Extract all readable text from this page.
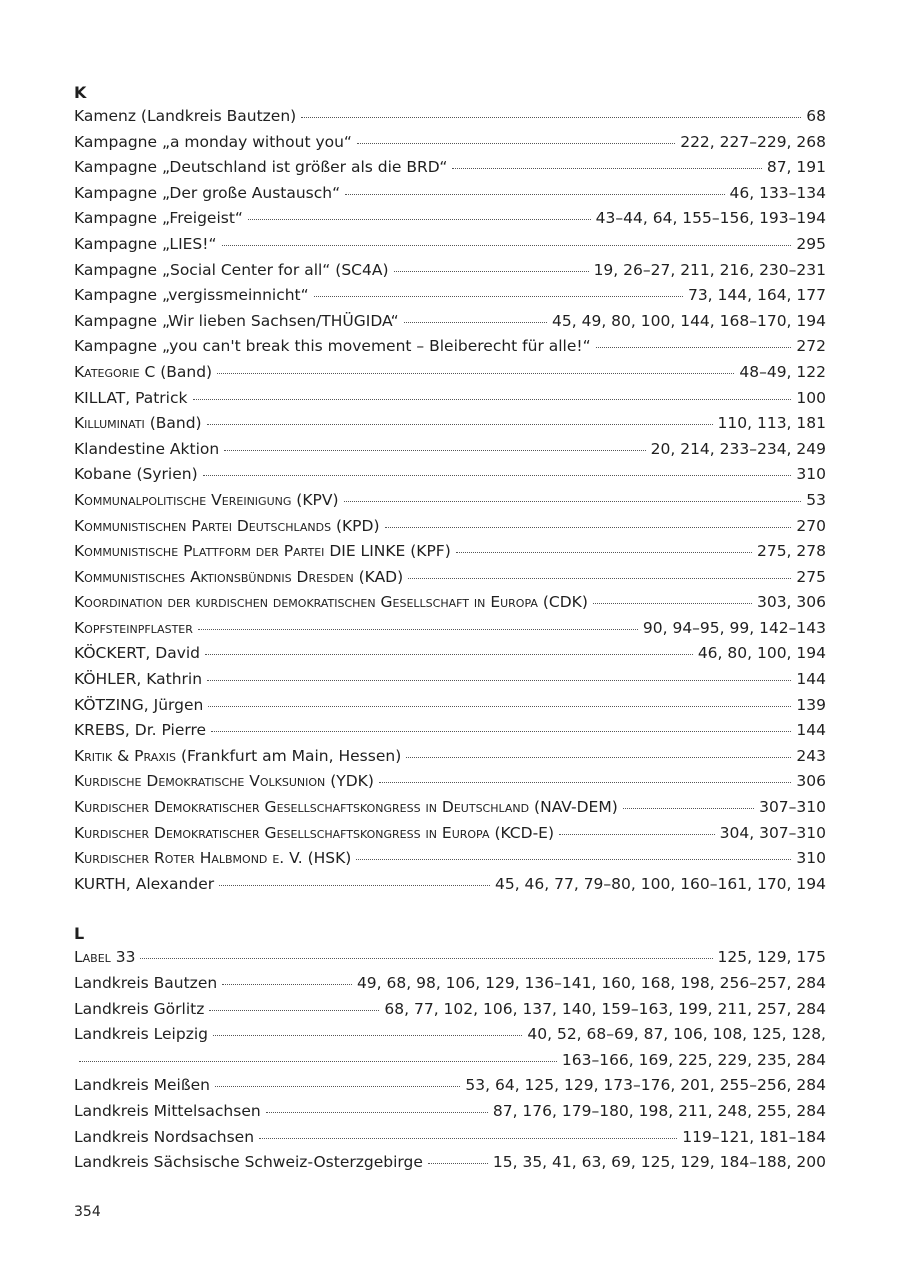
K
Kamenz (Landkreis Bautzen)	68
Kampagne „a monday without you“	222, 227–229, 268
Kampagne „Deutschland ist größer als die BRD“	87, 191
Kampagne „Der große Austausch“	46, 133–134
Kampagne „Freigeist“	43–44, 64, 155–156, 193–194
Kampagne „LIES!“	295
Kampagne „Social Center for all“ (SC4A)	19, 26–27, 211, 216, 230–231
Kampagne „vergissmeinnicht“	73, 144, 164, 177
Kampagne „Wir lieben Sachsen/THÜGIDA“	45, 49, 80, 100, 144, 168–170, 194
Kampagne „you can't break this movement – Bleiberecht für alle!“	272
Kategorie C (Band)	48–49, 122
KILLAT, Patrick	100
Killuminati (Band)	110, 113, 181
Klandestine Aktion	20, 214, 233–234, 249
Kobane (Syrien)	310
Kommunalpolitische Vereinigung (KPV)	53
Kommunistischen Partei Deutschlands (KPD)	270
Kommunistische Plattform der Partei DIE LINKE (KPF)	275, 278
Kommunistisches Aktionsbündnis Dresden (KAD)	275
Koordination der kurdischen demokratischen Gesellschaft in Europa (CDK)	303, 306
Kopfsteinpflaster	90, 94–95, 99, 142–143
KÖCKERT, David	46, 80, 100, 194
KÖHLER, Kathrin	144
KÖTZING, Jürgen	139
KREBS, Dr. Pierre	144
Kritik & Praxis (Frankfurt am Main, Hessen)	243
Kurdische Demokratische Volksunion (YDK)	306
Kurdischer Demokratischer Gesellschaftskongress in Deutschland (NAV-DEM)	307–310
Kurdischer Demokratischer Gesellschaftskongress in Europa (KCD-E)	304, 307–310
Kurdischer Roter Halbmond e. V. (HSK)	310
KURTH, Alexander	45, 46, 77, 79–80, 100, 160–161, 170, 194
L
Label 33	125, 129, 175
Landkreis Bautzen	49, 68, 98, 106, 129, 136–141, 160, 168, 198, 256–257, 284
Landkreis Görlitz	68, 77, 102, 106, 137, 140, 159–163, 199, 211, 257, 284
Landkreis Leipzig	40, 52, 68–69, 87, 106, 108, 125, 128,
163–166, 169, 225, 229, 235, 284
Landkreis Meißen	53, 64, 125, 129, 173–176, 201, 255–256, 284
Landkreis Mittelsachsen	87, 176, 179–180, 198, 211, 248, 255, 284
Landkreis Nordsachsen	119–121, 181–184
Landkreis Sächsische Schweiz-Osterzgebirge	15, 35, 41, 63, 69, 125, 129, 184–188, 200
354
